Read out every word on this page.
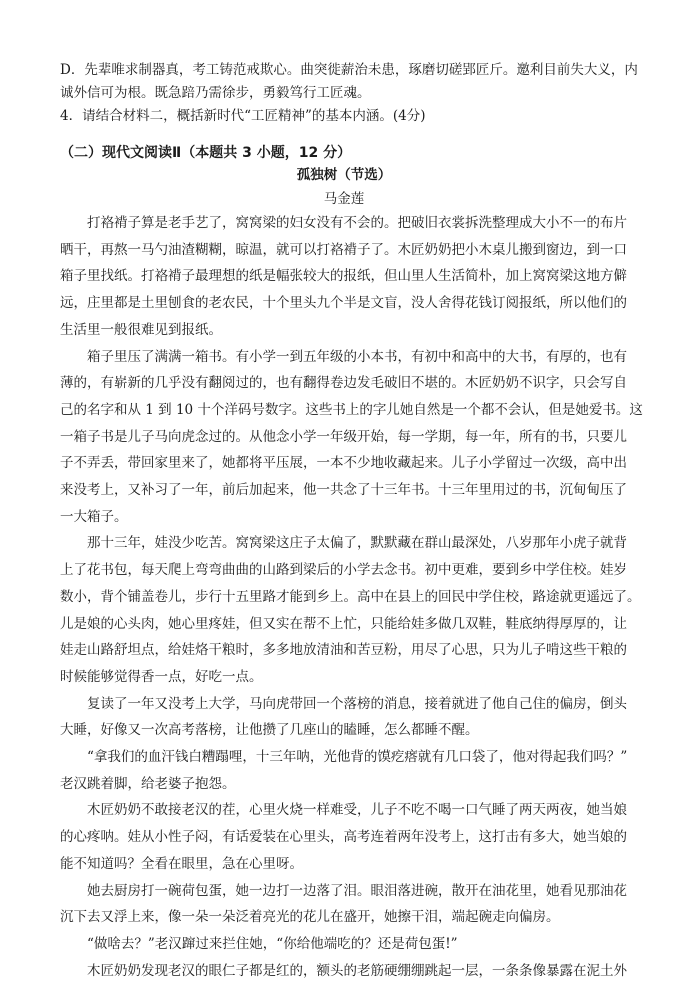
D．先辈唯求制器真，考工铸范戒欺心。曲突徙薪治未患，琢磨切磋郢匠斤。邀利目前失大义，内
诚外信可为根。既急踣乃需徐步，勇毅笃行工匠魂。
4．请结合材料二，概括新时代“工匠精神”的基本内涵。(4分)
（二）现代文阅读Ⅱ（本题共 3 小题，12 分）
孤独树（节选）
马金莲
　　打袼褙子算是老手艺了，窝窝梁的妇女没有不会的。把破旧衣裳拆洗整理成大小不一的布片
晒干，再熬一马勺油渣糊糊，晾温，就可以打袼褙子了。木匠奶奶把小木桌儿搬到窗边，到一口
箱子里找纸。打袼褙子最理想的纸是幅张较大的报纸，但山里人生活简朴，加上窝窝梁这地方僻
远，庄里都是土里刨食的老农民，十个里头九个半是文盲，没人舍得花钱订阅报纸，所以他们的
生活里一般很难见到报纸。
　　箱子里压了满满一箱书。有小学一到五年级的小本书，有初中和高中的大书，有厚的，也有
薄的，有崭新的几乎没有翻阅过的，也有翻得卷边发毛破旧不堪的。木匠奶奶不识字，只会写自
己的名字和从 1 到 10 十个洋码号数字。这些书上的字儿她自然是一个都不会认，但是她爱书。这
一箱子书是儿子马向虎念过的。从他念小学一年级开始，每一学期，每一年，所有的书，只要儿
子不弄丢，带回家里来了，她都将平压展，一本不少地收藏起来。儿子小学留过一次级，高中出
来没考上，又补习了一年，前后加起来，他一共念了十三年书。十三年里用过的书，沉甸甸压了
一大箱子。
　　那十三年，娃没少吃苦。窝窝梁这庄子太偏了，默默藏在群山最深处，八岁那年小虎子就背
上了花书包，每天爬上弯弯曲曲的山路到梁后的小学去念书。初中更难，要到乡中学住校。娃岁
数小，背个铺盖卷儿，步行十五里路才能到乡上。高中在县上的回民中学住校，路途就更遥远了。
儿是娘的心头肉，她心里疼娃，但又实在帮不上忙，只能给娃多做几双鞋，鞋底纳得厚厚的，让
娃走山路舒坦点，给娃烙干粮时，多多地放清油和苦豆粉，用尽了心思，只为儿子啃这些干粮的
时候能够觉得香一点，好吃一点。
　　复读了一年又没考上大学，马向虎带回一个落榜的消息，接着就进了他自己住的偏房，倒头
大睡，好像又一次高考落榜，让他攒了几座山的瞌睡，怎么都睡不醒。
　　“拿我们的血汗钱白糟蹋哩，十三年呐，光他背的馍疙瘩就有几口袋了，他对得起我们吗？”
老汉跳着脚，给老婆子抱怨。
　　木匠奶奶不敢接老汉的茬，心里火烧一样难受，儿子不吃不喝一口气睡了两天两夜，她当娘
的心疼呐。娃从小性子闷，有话爱装在心里头，高考连着两年没考上，这打击有多大，她当娘的
能不知道吗？全看在眼里，急在心里呀。
　　她去厨房打一碗荷包蛋，她一边打一边落了泪。眼泪落进碗，散开在油花里，她看见那油花
沉下去又浮上来，像一朵一朵泛着亮光的花儿在盛开，她擦干泪，端起碗走向偏房。
　　“做啥去？”老汉蹿过来拦住她，“你给他端吃的？还是荷包蛋!”
　　木匠奶奶发现老汉的眼仁子都是红的，额头的老筋硬绷绷跳起一层，一条条像暴露在泥土外
